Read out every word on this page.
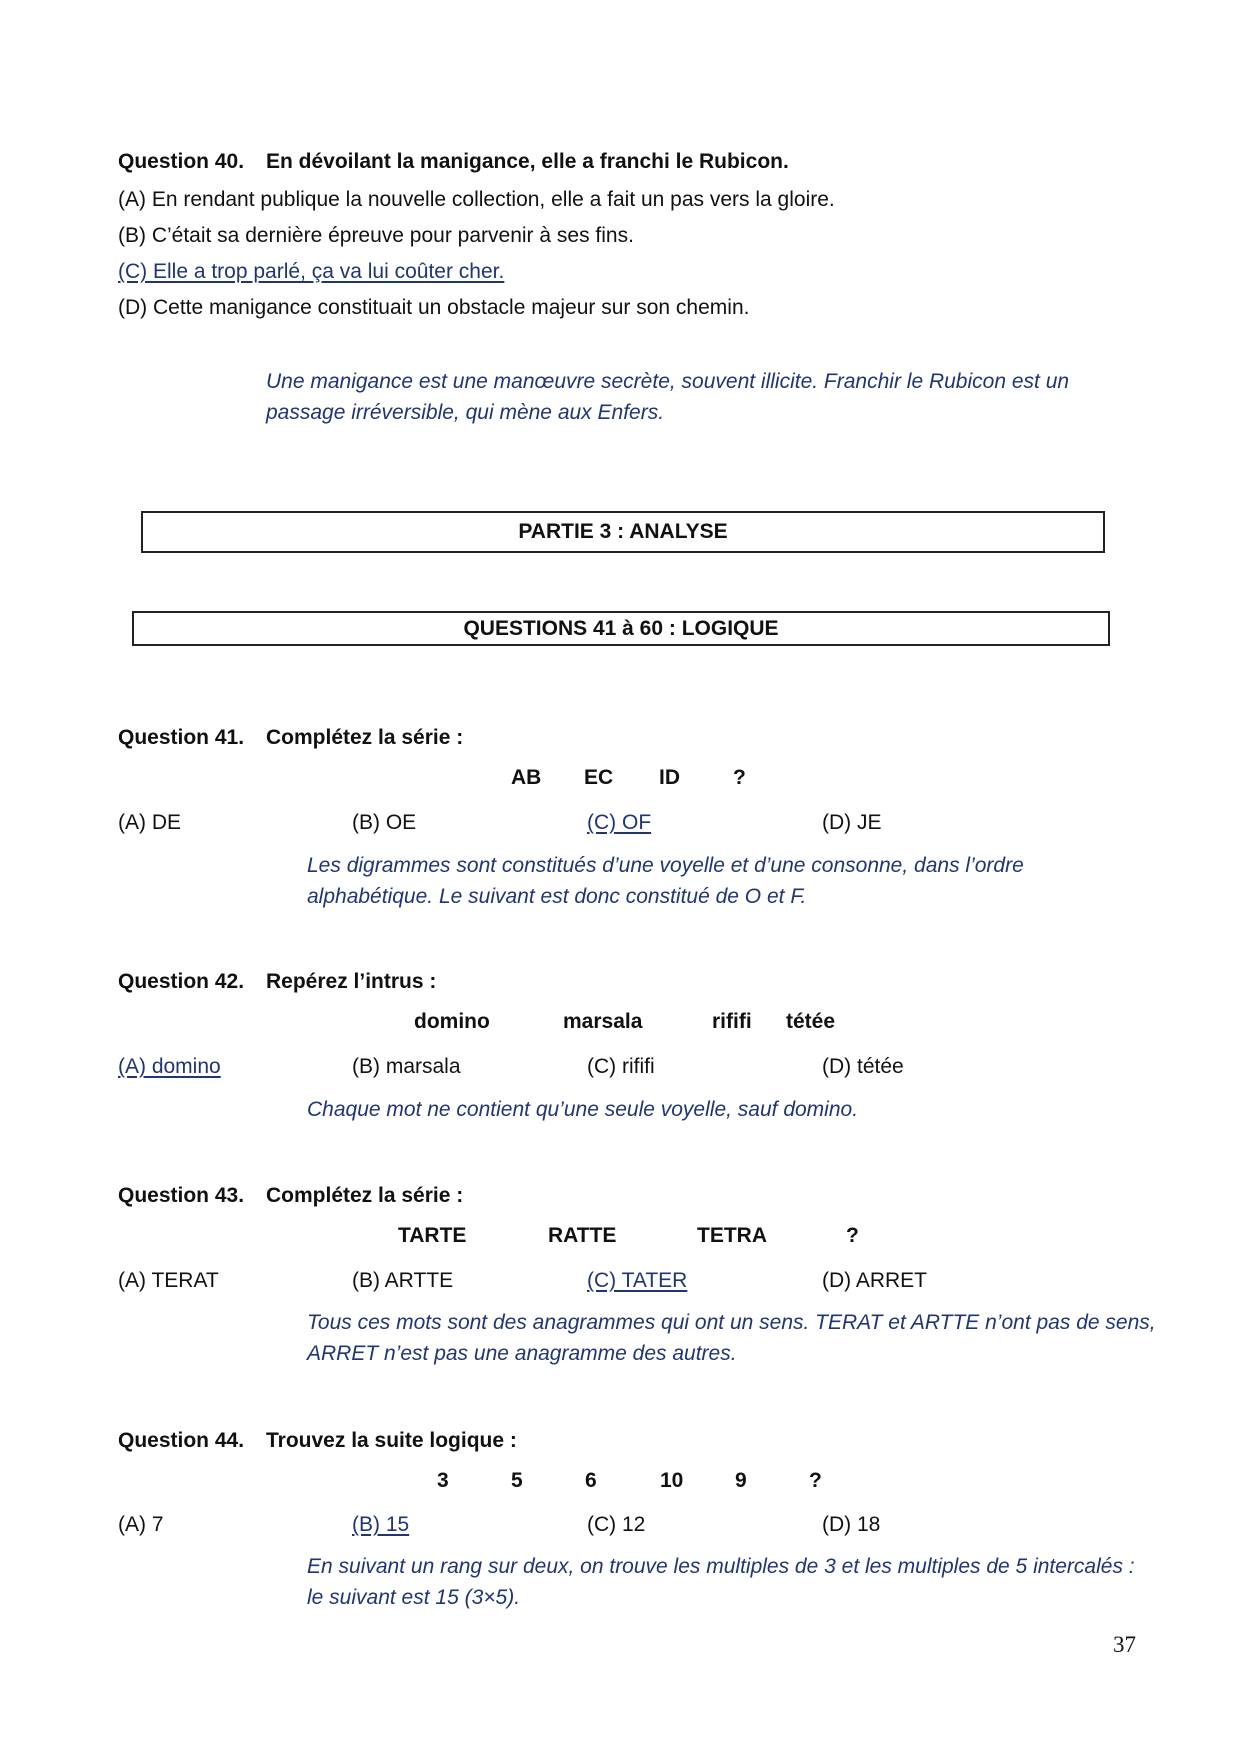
Question 40. En dévoilant la manigance, elle a franchi le Rubicon.
(A) En rendant publique la nouvelle collection, elle a fait un pas vers la gloire.
(B) C’était sa dernière épreuve pour parvenir à ses fins.
(C) Elle a trop parlé, ça va lui coûter cher.
(D) Cette manigance constituait un obstacle majeur sur son chemin.
Une manigance est une manœuvre secrète, souvent illicite. Franchir le Rubicon est un passage irréversible, qui mène aux Enfers.
PARTIE 3 : ANALYSE
QUESTIONS 41 à 60 : LOGIQUE
Question 41. Complétez la série :
AB EC ID	?
(A) DE	(B) OE	(C) OF	(D) JE
Les digrammes sont constitués d’une voyelle et d’une consonne, dans l’ordre alphabétique. Le suivant est donc constitué de O et F.
Question 42. Repérez l’intrus :
domino	marsala	rififi tétée
(A) domino	(B) marsala	(C) rififi	(D) tétée
Chaque mot ne contient qu’une seule voyelle, sauf domino.
Question 43. Complétez la série :
TARTE	RATTE	TETRA	?
(A) TERAT	(B) ARTTE	(C) TATER	(D) ARRET
Tous ces mots sont des anagrammes qui ont un sens. TERAT et ARTTE n’ont pas de sens, ARRET n’est pas une anagramme des autres.
Question 44. Trouvez la suite logique :
3	5	6	10 9	?
(A) 7	(B) 15	(C) 12	(D) 18
En suivant un rang sur deux, on trouve les multiples de 3 et les multiples de 5 intercalés : le suivant est 15 (3×5).
37
